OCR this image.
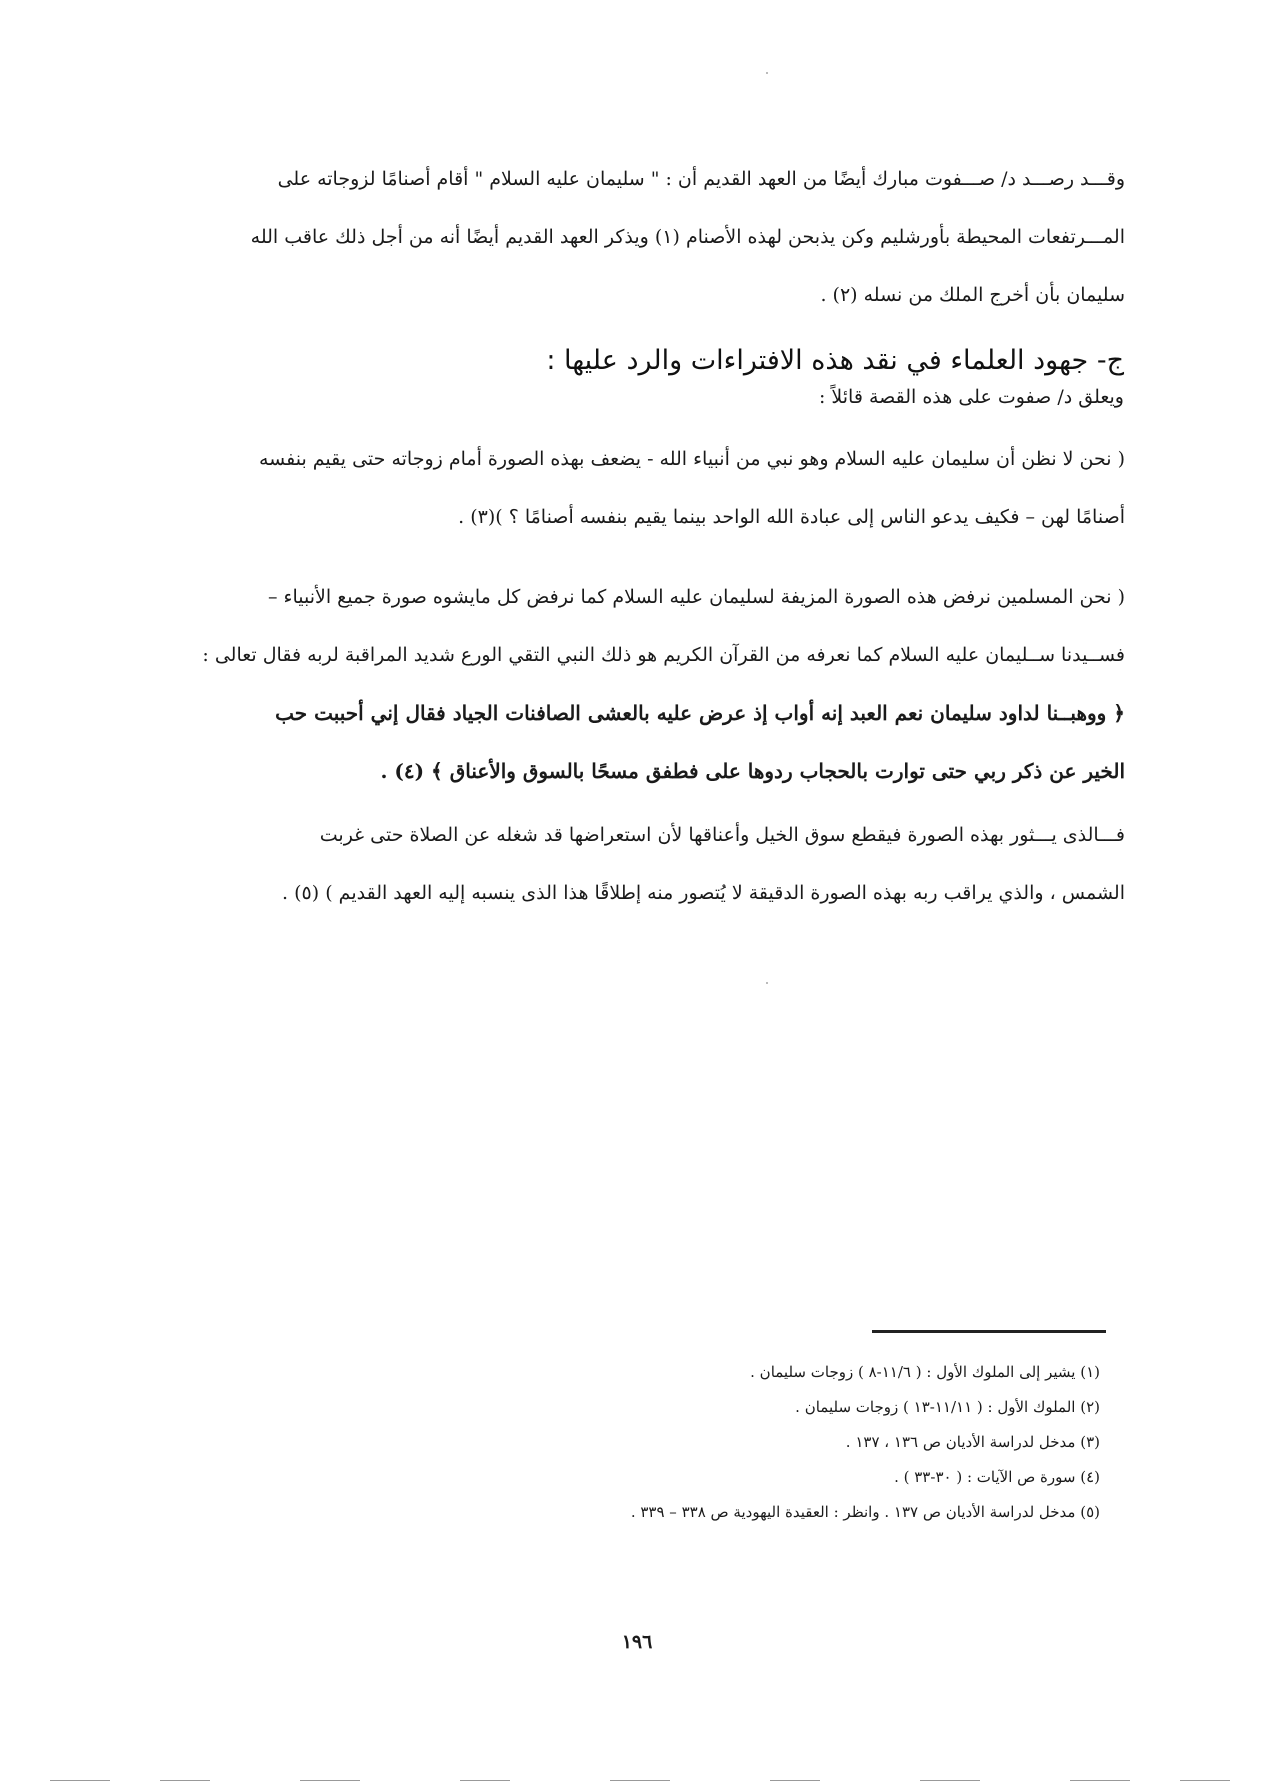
وقـــد رصـــد د/ صـــفوت مبارك أيضًا من العهد القديم أن : " سليمان عليه السلام " أقام أصنامًا لزوجاته على

المـــرتفعات المحيطة بأورشليم وكن يذبحن لهذه الأصنام (١) ويذكر العهد القديم أيضًا أنه من أجل ذلك عاقب الله

سليمان بأن أخرج الملك من نسله (٢) .

ج- جهود العلماء في نقد هذه الافتراءات والرد عليها :
ويعلق د/ صفوت على هذه القصة قائلاً :

( نحن لا نظن أن سليمان عليه السلام وهو نبي من أنبياء الله - يضعف بهذه الصورة أمام زوجاته حتى يقيم بنفسه

أصنامًا لهن – فكيف يدعو الناس إلى عبادة الله الواحد بينما يقيم بنفسه أصنامًا ؟ )(٣) .

( نحن المسلمين نرفض هذه الصورة المزيفة لسليمان عليه السلام كما نرفض كل مايشوه صورة جميع الأنبياء –

فســيدنا ســليمان عليه السلام كما نعرفه من القرآن الكريم هو ذلك النبي التقي الورع شديد المراقبة لربه فقال تعالى :

﴿ ووهبــنا لداود سليمان نعم العبد إنه أواب إذ عرض عليه بالعشى الصافنات الجياد فقال إني أحببت حب

الخير عن ذكر ربي حتى توارت بالحجاب ردوها على فطفق مسحًا بالسوق والأعناق ﴾ (٤) .

فـــالذى يـــثور بهذه الصورة فيقطع سوق الخيل وأعناقها لأن استعراضها قد شغله عن الصلاة حتى غربت

الشمس ، والذي يراقب ربه بهذه الصورة الدقيقة لا يُتصور منه إطلاقًا هذا الذى ينسبه إليه العهد القديم ) (٥) .

(١) يشير إلى الملوك الأول : ( ١١/٦-٨ ) زوجات سليمان .
(٢) الملوك الأول : ( ١١/١١-١٣ ) زوجات سليمان .
(٣) مدخل لدراسة الأديان ص ١٣٦ ، ١٣٧ .
(٤) سورة ص الآيات : ( ٣٠-٣٣ ) .
(٥) مدخل لدراسة الأديان ص ١٣٧ . وانظر : العقيدة اليهودية ص ٣٣٨ – ٣٣٩ .
١٩٦
